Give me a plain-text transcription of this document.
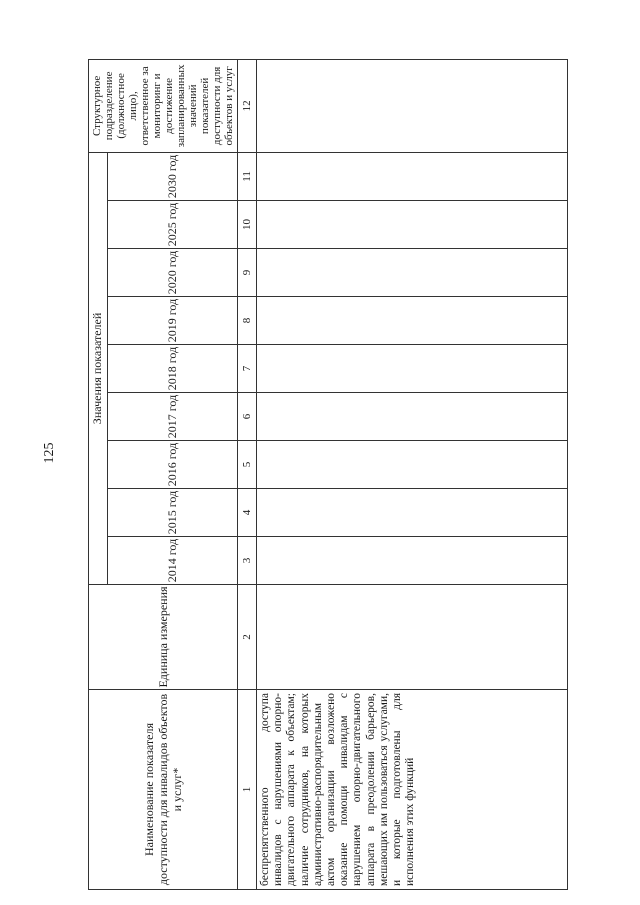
125
Наименование показателя доступности для инвалидов объектов и услуг*	Единица измерения	Значения показателей									Структурное подразделение (должностное лицо), ответственное за мониторинг и достижение запланированных значений показателей доступности для объектов и услуг
		2014 год	2015 год	2016 год	2017 год	2018 год	2019 год	2020 год	2025 год	2030 год	
1	2	3	4	5	6	7	8	9	10	11	12
беспрепятственного доступа инвалидов с нарушениями опорно-двигательного аппарата к объектам; наличие сотрудников, на которых административно-распорядительным актом организации возложено оказание помощи инвалидам с нарушением опорно-двигательного аппарата в преодолении барьеров, мешающих им пользоваться услугами, и которые подготовлены для исполнения этих функций											
